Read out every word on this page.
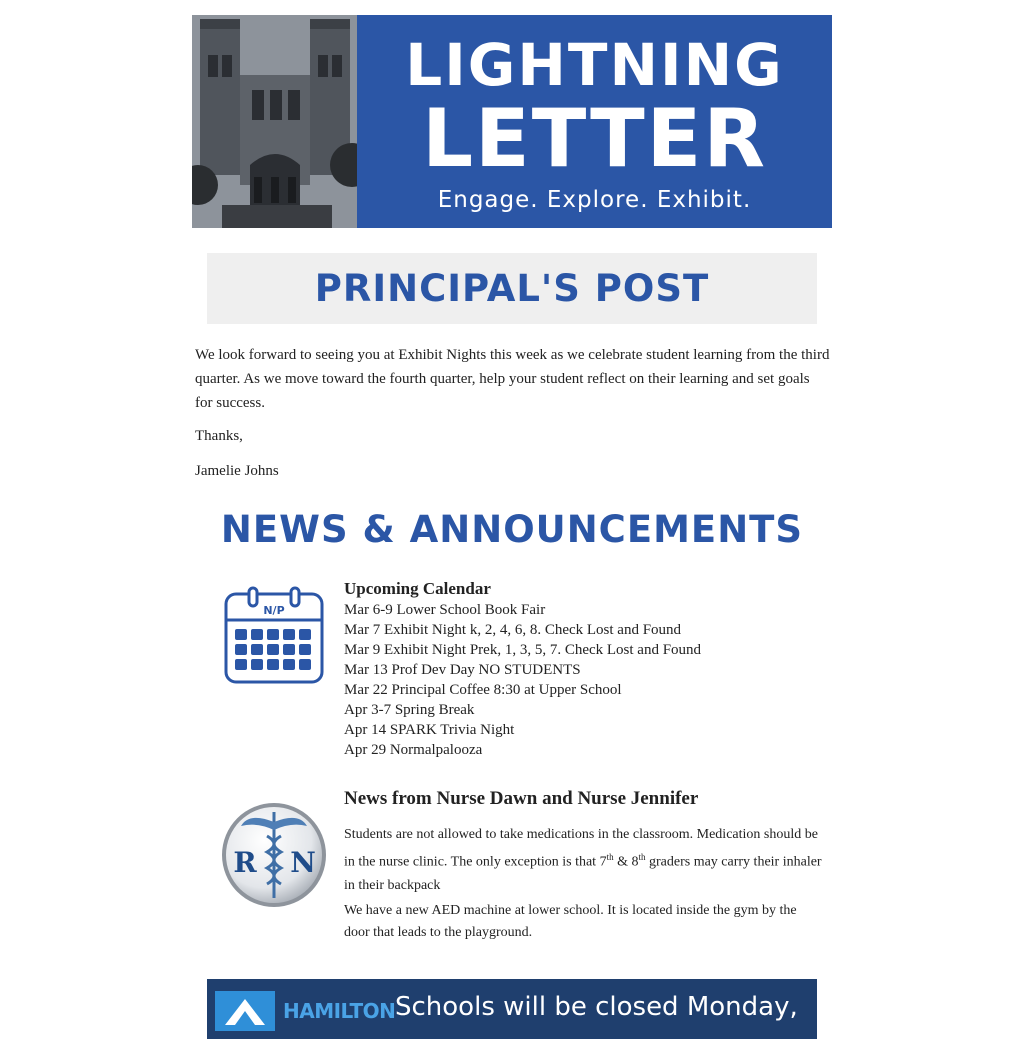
LIGHTNING
LETTER
Engage. Explore. Exhibit.
PRINCIPAL'S POST

We look forward to seeing you at Exhibit Nights this week as we celebrate student learning from the third quarter. As we move toward the fourth quarter, help your student reflect on their learning and set goals for success.

Thanks,
Jamelie Johns
NEWS & ANNOUNCEMENTS
N/P
Upcoming Calendar
Mar 6-9 Lower School Book Fair
Mar 7 Exhibit Night k, 2, 4, 6, 8. Check Lost and Found
Mar 9 Exhibit Night Prek, 1, 3, 5, 7. Check Lost and Found
Mar 13 Prof Dev Day NO STUDENTS
Mar 22 Principal Coffee 8:30 at Upper School
Apr 3-7 Spring Break
Apr 14 SPARK Trivia Night
Apr 29 Normalpalooza
R N
News from Nurse Dawn and Nurse Jennifer
Students are not allowed to take medications in the classroom. Medication should be in the nurse clinic. The only exception is that 7th & 8th graders may carry their inhaler in their backpack
We have a new AED machine at lower school. It is located inside the gym by the door that leads to the playground.
HAMILTON Schools will be closed Monday,
